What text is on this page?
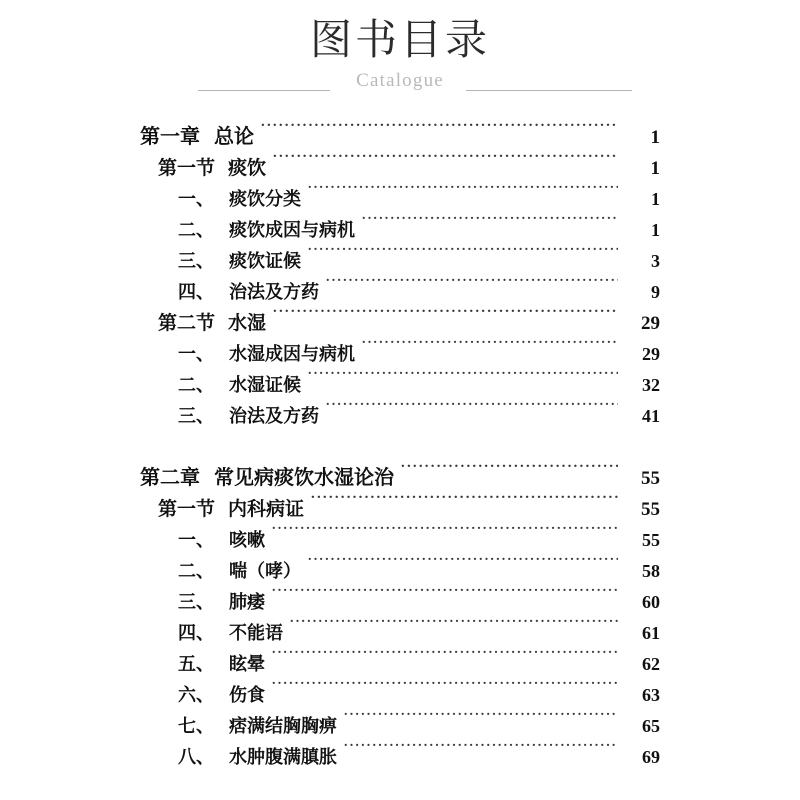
图书目录
Catalogue
第一章 总论 .....	1
第一节 痰饮 .....	1
一、 痰饮分类 .....	1
二、 痰饮成因与病机 .....	1
三、 痰饮证候 .....	3
四、 治法及方药 .....	9
第二节 水湿 .....	29
一、 水湿成因与病机 .....	29
二、 水湿证候 .....	32
三、 治法及方药 .....	41
第二章 常见病痰饮水湿论治 .....	55
第一节 内科病证 .....	55
一、 咳嗽 .....	55
二、 喘（哮） .....	58
三、 肺痿 .....	60
四、 不能语 .....	61
五、 眩晕 .....	62
六、 伤食 .....	63
七、 痞满结胸胸痹 .....	65
八、 水肿腹满䐜胀 .....	69
